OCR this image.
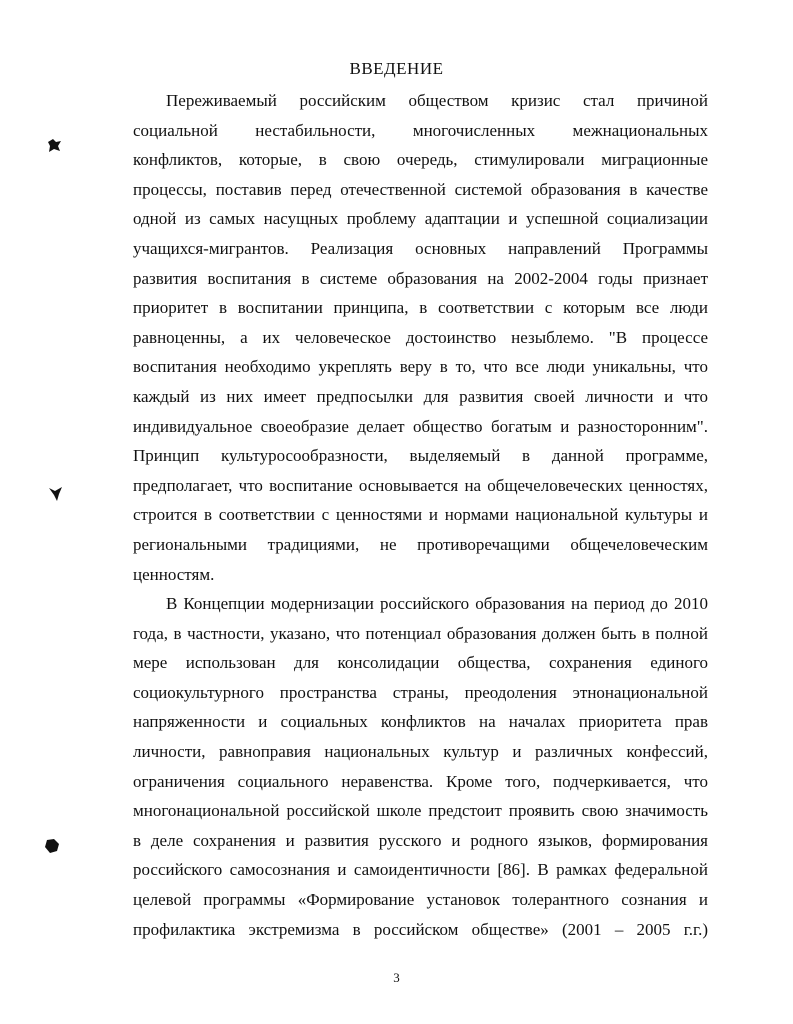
ВВЕДЕНИЕ
Переживаемый российским обществом кризис стал причиной
социальной нестабильности, многочисленных межнациональных
конфликтов, которые, в свою очередь, стимулировали миграционные
процессы, поставив перед отечественной системой образования в качестве
одной из самых насущных проблему адаптации и успешной социализации
учащихся-мигрантов. Реализация основных направлений Программы
развития воспитания в системе образования на 2002-2004 годы признает
приоритет в воспитании принципа, в соответствии с которым все люди
равноценны, а их человеческое достоинство незыблемо. "В процессе
воспитания необходимо укреплять веру в то, что все люди уникальны, что
каждый из них имеет предпосылки для развития своей личности и что
индивидуальное своеобразие делает общество богатым и разносторонним".
Принцип культуросообразности, выделяемый в данной программе,
предполагает, что воспитание основывается на общечеловеческих ценностях,
строится в соответствии с ценностями и нормами национальной культуры и
региональными традициями, не противоречащими общечеловеческим
ценностям.
В Концепции модернизации российского образования на период до 2010
года, в частности, указано, что потенциал образования должен быть в полной
мере использован для консолидации общества, сохранения единого
социокультурного пространства страны, преодоления этнонациональной
напряженности и социальных конфликтов на началах приоритета прав
личности, равноправия национальных культур и различных конфессий,
ограничения социального неравенства. Кроме того, подчеркивается, что
многонациональной российской школе предстоит проявить свою значимость
в деле сохранения и развития русского и родного языков, формирования
российского самосознания и самоидентичности [86]. В рамках федеральной
целевой программы «Формирование установок толерантного сознания и
профилактика экстремизма в российском обществе» (2001 – 2005 г.г.)
3
